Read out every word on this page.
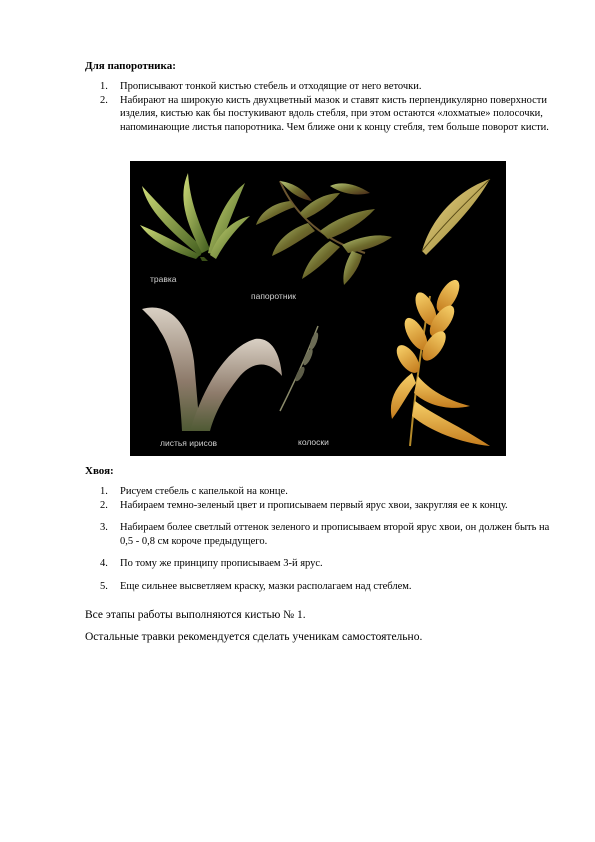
Для папоротника:
1. Прописывают тонкой кистью стебель и отходящие от него веточки.
2. Набирают на широкую кисть двухцветный мазок и ставят кисть перпендикулярно поверхности изделия, кистью как бы постукивают вдоль стебля, при этом остаются «лохматые» полосочки, напоминающие листья папоротника. Чем ближе они к концу стебля, тем больше поворот кисти.
травка
папоротник
листья ирисов	колоски
Хвоя:
1. Рисуем стебель с капелькой на конце.
2. Набираем темно-зеленый цвет и прописываем первый ярус хвои, закругляя ее к концу.
3. Набираем более светлый оттенок зеленого и прописываем второй ярус хвои, он должен быть на 0,5 - 0,8 см короче предыдущего.
4. По тому же принципу прописываем 3-й ярус.
5. Еще сильнее высветляем краску, мазки располагаем над стеблем.
Все этапы работы выполняются кистью № 1.
Остальные травки рекомендуется сделать ученикам самостоятельно.
